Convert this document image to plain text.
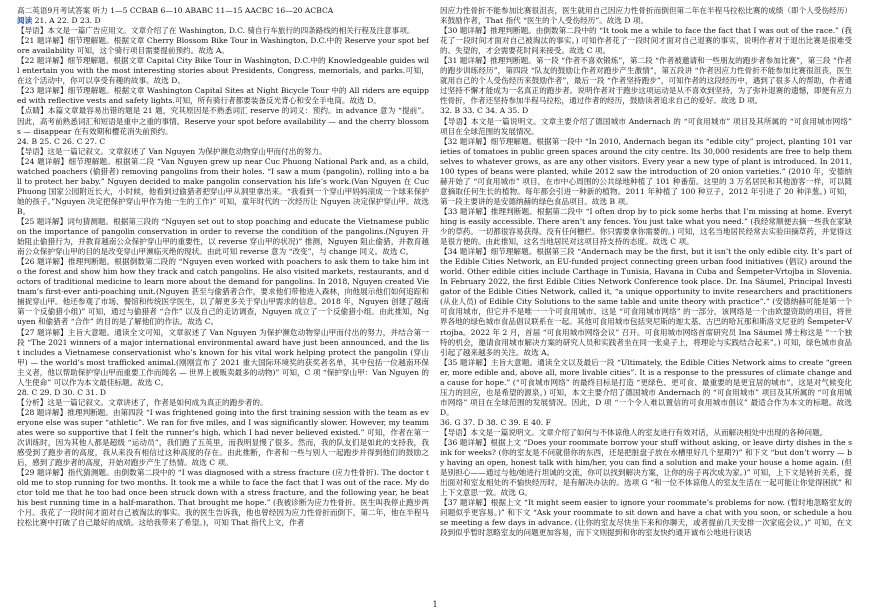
高二英语9月考试答案 听力 1—5 CCBAB 6—10 ABABC 11—15 AACBC 16—20 ACBCA

阅读 21. A 22. D 23. D

【导语】本文是一篇广告应用文。文章介绍了在 Washington, D.C. 骑自行车旅行的四条路线的相关行程及注意事项。

【21 题详解】细节理解题。根据文章 Cherry Blossom Bike Tour in Washington, D.C.中的 Reserve your spot before availability 可知，这个骑行项目需要提前预约。故选 A。

【22 题详解】细节理解题。根据文章 Capital City Bike Tour in Washington, D.C.中的 Knowledgeable guides will entertain you with the most interesting stories about Presidents, Congress, memorials, and parks.可知，在这个活动中，你可以享受有趣的故事。故选 D。

【23 题详解】细节理解题。根据文章 Washington Capital Sites at Night Bicycle Tour 中的 All riders are equipped with reflective vests and safety lights.可知，所有骑行者都要装备反光背心和安全手电筒。故选 D。

【点睛】本篇文章最容易出错的题是 21 题，究其原因是不熟悉词汇 reserve 的词义：预约。in advance 意为 “提前”。因此，高考前熟悉词汇和短语是重中之重的事情。Reserve your spot before availability — and the cherry blossoms — disappear 在有效期和樱花消失前预约。

24. B 25. C 26. C 27. C

【导语】这是一篇记叙文。文章叙述了 Van Nguyen 为保护濒危动物穿山甲而付出的努力。

【24 题详解】细节理解题。根据第二段 “Van Nguyen grew up near Cuc Phuong National Park and, as a child, watched poachers (偷猎者) removing pangolins from their holes. “I saw a mum (pangolin), rolling into a ball to protect her baby.” Nguyen decided to make pangolin conservation his life’s work.(Van Nguyen 在 Cuc Phuong 国家公园附近长大，小时候，他看到过偷猎者把穿山甲从洞里拿出来。“我看到一个穿山甲妈妈滚成一个球来保护她的孩子。”Nguyen 决定把保护穿山甲作为他一生的工作)” 可知，童年时代的一次经历让 Nguyen 决定保护穿山甲。故选 B。

【25 题详解】词句猜测题。根据第三段的 “Nguyen set out to stop poaching and educate the Vietnamese public on the importance of pangolin conservation in order to reverse the condition of the pangolins.(Nguyen 开始阻止偷猎行为，并教育越南公众保护穿山甲的重要性，以 reverse 穿山甲的状况)” 推测，Nguyen 阻止偷猎，并教育越南公众保护穿山甲的目的是改变穿山甲濒临灭绝的现状。由此可知 reverse 意为 “改变”，与 change 同义。故选 C。

【26 题详解】推理判断题。根据倒数第二段的 “Nguyen even worked with poachers to ask them to take him into the forest and show him how they track and catch pangolins. He also visited markets, restaurants, and doctors of traditional medicine to learn more about the demand for pangolins. In 2018, Nguyen created Vietnam’s first-ever anti-poaching unit.(Nguyen 甚至与偷猎者合作，要求他们带他进入森林，向他展示他们如何追踪和捕捉穿山甲。他还参观了市场、餐馆和传统医学医生，以了解更多关于穿山甲需求的信息。2018 年，Nguyen 创建了越南第一个反偷猎小组)” 可知，通过与偷猎者 “合作” 以及自己的走访调查，Nguyen 成立了一个反偷猎小组。由此推知，Nguyen 和偷猎者 “合作” 的目的是了解他们的作法。故选 C。

【27 题详解】主旨大意题。通读全文可知，文章叙述了 Van Nguyen 为保护濒危动物穿山甲而付出的努力，并结合第一段 “The 2021 winners of a major international environmental award have just been announced, and the list includes a Vietnamese conservationist who’s known for his vital work helping protect the pangolin (穿山甲) — the world’s most trafficked animal.(刚刚宣布了 2021 重大国际环境奖的获奖者名单，其中包括一位越南环保主义者，他以帮助保护穿山甲而重要工作而闻名 — 世界上被贩卖最多的动物)” 可知，C 项 “保护穿山甲：Van Nguyen 的人生使命” 可以作为本文最佳标题。故选 C。

28. C 29. D 30. C 31. D

【分析】这是一篇记叙文。文章讲述了，作者是如何成为真正的跑步者的。

【28 题详解】推理判断题。由第四段 “I was frightened going into the first training session with the team as everyone else was super “athletic”. We ran for five miles, and I was significantly slower. However, my teammates were so supportive that I felt the runner’s high, which I had never believed existed.” 可知，作者在第一次训练时，因为其他人都是超级 “运动员”，我们跑了五英里，而我明显慢了很多。然而，我的队友们是如此的支持我，我感受到了跑步者的高度，我从来没有相信过这种高度的存在。由此推断，作者和一些与别人一起跑步并得到他们的鼓励之后，感到了跑步者的高度，开始对跑步产生了热情。故选 C 项。

【29 题详解】指代猜测题。由倒数第二段中的 “I was diagnosed with a stress fracture (应力性骨折). The doctor told me to stop running for two months. It took me a while to face the fact that I was out of the race. My doctor told me that he too had once been struck down with a stress fracture, and the following year, he beat his best running time in a half-marathon. That brought me hope.” (我被诊断为应力性骨折。医生叫我停止跑步两个月。我花了一段时间才面对自己被淘汰的事实。我的医生告诉我，他也曾经因为应力性骨折而倒下，第二年，他在半程马拉松比赛中打破了自己最好的成绩。这给我带来了希望。)，可知 That 指代上文，作者

因应力性骨折不能参加比赛很沮丧，医生就用自己因应力性骨折而倒但第二年在半程马拉松比赛的成绩（即个人受伤经历）来鼓励作者，That 指代 “医生的个人受伤经历”。故选 D 项。

【30 题详解】推理判断题。由倒数第二段中的 “It took me a while to face the fact that I was out of the race.” (我花了一段时间才面对自己被淘汰的事实。) 可知作者花了一段时间才面对自己退赛的事实，说明作者对于退出比赛是很难受的、失望的，才会需要花时间来接受。故选 C 项。

【31 题详解】推理判断题。第一段 “作者不喜欢锻炼”，第二段 “作者被邀请和一些朋友的跑步者参加比赛”，第三段 “作者的跑步训练经历”，第四段 “队友的鼓励让作者对跑步产生激情”，第五段讲 “作者因应力性骨折不能参加比赛很沮丧，医生就用自己的个人受伤经历来鼓励作者”，最后一段 “作者坚持跑步”，可知作者的这段经历中，遇到了很多人的帮助，作者通过坚持不懈才能成为一名真正的跑步者。说明作者对于跑步这项运动是从不喜欢到坚持，为了弥补退赛的遗憾，即便有应力性骨折，作者还坚持参加半程马拉松，通过作者的经历，鼓励读者追求自己的爱好。故选 D 项。

32. B 33. C 34. A 35. D

【导语】本文是一篇说明文。文章主要介绍了德国城市 Andernach 的 “可食用城市” 项目及其所属的 “可食用城市网络” 项目在全球范围的发展情况。

【32 题详解】细节理解题。根据第一段中 “In 2010, Andernach began its “edible city” project, planting 101 varieties of tomatoes in public green spaces around the city centre. Its 30,000 residents are free to help themselves to whatever grows, as are any other visitors. Every year a new type of plant is introduced. In 2011, 100 types of beans were planted, while 2012 saw the introduction of 20 onion varieties.” (2010 年，安德纳赫开始了 “可食用城市” 项目，在市中心周围的公共绿地种植了 101 种番茄。这里的 3 万名居民和其他游客一样，可以随意摘取任何生长的植物。每年都会引进一种新的植物。2011 年种植了 100 种豆子，2012 年引进了 20 种洋葱。) 可知，第一段主要讲的是安德纳赫的绿色食品项目。故选 B 项。

【33 题详解】推理判断题。根据第二段中 “I often drop by to pick some herbs that I’m missing at home. Everything is easily accessible. There aren’t any fences. You just take what you need.” (我经常顺便去摘一些我在家缺少的草药。一切都很容易获得。没有任何栅栏。你只需要拿你需要的。) 可知，这名当地居民经常去实验田摘草药，并觉得这是很方便的。由此推知，这名当地居民对这项目持支持的态度。故选 C 项。

【34 题详解】细节理解题。根据第三段 “Andernach may be the first, but it isn’t the only edible city. It’s part of the Edible Cities Network, an EU-funded project connecting green urban food initiatives (倡议) around the world. Other edible cities include Carthage in Tunisia, Havana in Cuba and Šempeter-Vrtojba in Slovenia. In February 2022, the first Edible Cities Network Conference took place. Dr. Ina Säumel, Principal Investigator of the Edible Cities Network, called it, “a unique opportunity to invite researchers and practitioners (从业人员) of Edible City Solutions to the same table and unite theory with practice”.” (安德纳赫可能是第一个可食用城市，但它并不是唯一一个可食用城市。这是 “可食用城市网络” 的一部分，该网络是一个由欧盟资助的项目，将世界各地的绿色城市食品倡议联系在一起。其他可食用城市包括突尼斯的迦太基、古巴的哈瓦那和斯洛文尼亚的 Šempeter-Vrtojba。2022 年 2 月，首届 “可食用城市网络会议” 召开。可食用城市网络首席研究员 Ina Säumel 博士称这是 “一个独特的机会，邀请食用城市解决方案的研究人员和实践者坐在同一张桌子上，将理论与实践结合起来”。) 可知，绿色城市食品引起了越来越多的关注。故选 A。

【35 题详解】主旨大意题。通读全文以及最后一段 “Ultimately, the Edible Cities Network aims to create “greener, more edible and, above all, more livable cities”. It is a response to the pressures of climate change and a cause for hope.” (“可食城市网络” 的最终目标是打造 “更绿色、更可食、最重要的是更宜居的城市”。这是对气候变化压力的回应，也是希望的源泉。) 可知，本文主要介绍了德国城市 Andernach 的 “可食用城市” 项目及其所属的 “可食用城市网络” 项目在全球范围的发展情况。因此，D 项 “一个令人难以置信的可食用城市倡议” 最适合作为本文的标题。故选 D。

36. G 37. D 38. C 39. E 40. F

【导语】本文是一篇说明文。文章介绍了如何与不体谅他人的室友进行有效对话，从而解决相处中出现的各种问题。

【36 题详解】根据上文 “Does your roommate borrow your stuff without asking, or leave dirty dishes in the sink for weeks? (你的室友是不问就借你的东西，还是把脏盘子放在水槽里好几个星期?)” 和下文 “but don’t worry — by having an open, honest talk with him/her, you can find a solution and make your house a home again. (但是别担心——通过与他/她进行坦诚的交流，你可以找到解决方案，让你的房子再次成为家。)” 可知，上下文是转折关系，提出面对和室友相处的不愉快经历时，是有解决办法的。选项 G “和一位不体谅他人的室友生活在一起可能让你觉得困扰” 和上下文意思一致。故选 G。

【37 题详解】根据上文 “It might seem easier to ignore your roommate’s problems for now. (暂时地忽略室友的问题似乎更容易。)” 和下文 “Ask your roommate to sit down and have a chat with you soon, or schedule a house meeting a few days in advance. (让你的室友尽快坐下来和你聊天，或者提前几天安排一次家庭会议。)” 可知，在文段到似乎暂时忽略室友的问题更加容易，而下文则提到和你的室友快约通开诚布公地进行谈话

1
